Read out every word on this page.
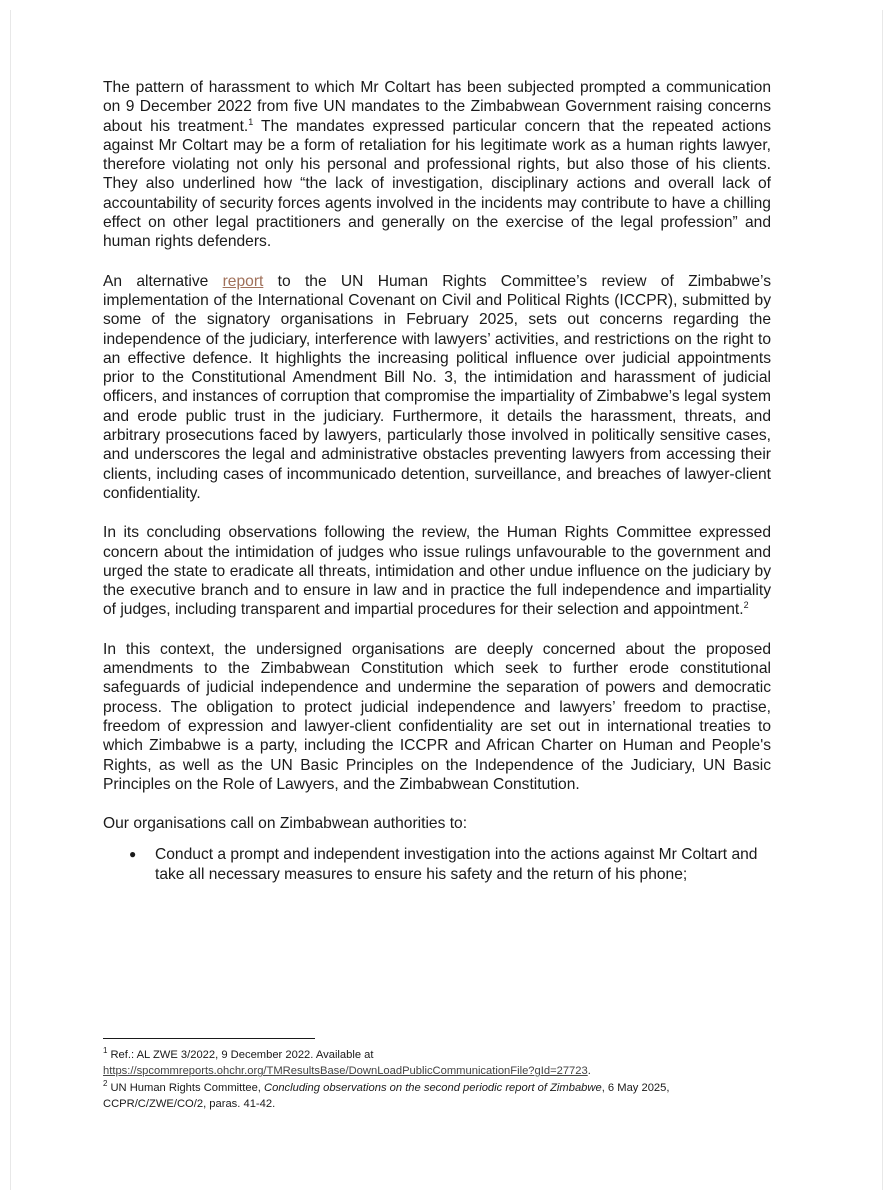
The pattern of harassment to which Mr Coltart has been subjected prompted a communication on 9 December 2022 from five UN mandates to the Zimbabwean Government raising concerns about his treatment.$^1$ The mandates expressed particular concern that the repeated actions against Mr Coltart may be a form of retaliation for his legitimate work as a human rights lawyer, therefore violating not only his personal and professional rights, but also those of his clients. They also underlined how “the lack of investigation, disciplinary actions and overall lack of accountability of security forces agents involved in the incidents may contribute to have a chilling effect on other legal practitioners and generally on the exercise of the legal profession” and human rights defenders.

An alternative report to the UN Human Rights Committee’s review of Zimbabwe’s implementation of the International Covenant on Civil and Political Rights (ICCPR), submitted by some of the signatory organisations in February 2025, sets out concerns regarding the independence of the judiciary, interference with lawyers’ activities, and restrictions on the right to an effective defence. It highlights the increasing political influence over judicial appointments prior to the Constitutional Amendment Bill No. 3, the intimidation and harassment of judicial officers, and instances of corruption that compromise the impartiality of Zimbabwe’s legal system and erode public trust in the judiciary. Furthermore, it details the harassment, threats, and arbitrary prosecutions faced by lawyers, particularly those involved in politically sensitive cases, and underscores the legal and administrative obstacles preventing lawyers from accessing their clients, including cases of incommunicado detention, surveillance, and breaches of lawyer-client confidentiality.

In its concluding observations following the review, the Human Rights Committee expressed concern about the intimidation of judges who issue rulings unfavourable to the government and urged the state to eradicate all threats, intimidation and other undue influence on the judiciary by the executive branch and to ensure in law and in practice the full independence and impartiality of judges, including transparent and impartial procedures for their selection and appointment.$^2$

In this context, the undersigned organisations are deeply concerned about the proposed amendments to the Zimbabwean Constitution which seek to further erode constitutional safeguards of judicial independence and undermine the separation of powers and democratic process. The obligation to protect judicial independence and lawyers’ freedom to practise, freedom of expression and lawyer-client confidentiality are set out in international treaties to which Zimbabwe is a party, including the ICCPR and African Charter on Human and People's Rights, as well as the UN Basic Principles on the Independence of the Judiciary, UN Basic Principles on the Role of Lawyers, and the Zimbabwean Constitution.

Our organisations call on Zimbabwean authorities to:

● Conduct a prompt and independent investigation into the actions against Mr Coltart and take all necessary measures to ensure his safety and the return of his phone;

$^1$ Ref.: AL ZWE 3/2022, 9 December 2022. Available at

https://spcommreports.ohchr.org/TMResultsBase/DownLoadPublicCommunicationFile?gId=27723.

$^2$ UN Human Rights Committee, Concluding observations on the second periodic report of Zimbabwe, 6 May 2025, CCPR/C/ZWE/CO/2, paras. 41-42.
